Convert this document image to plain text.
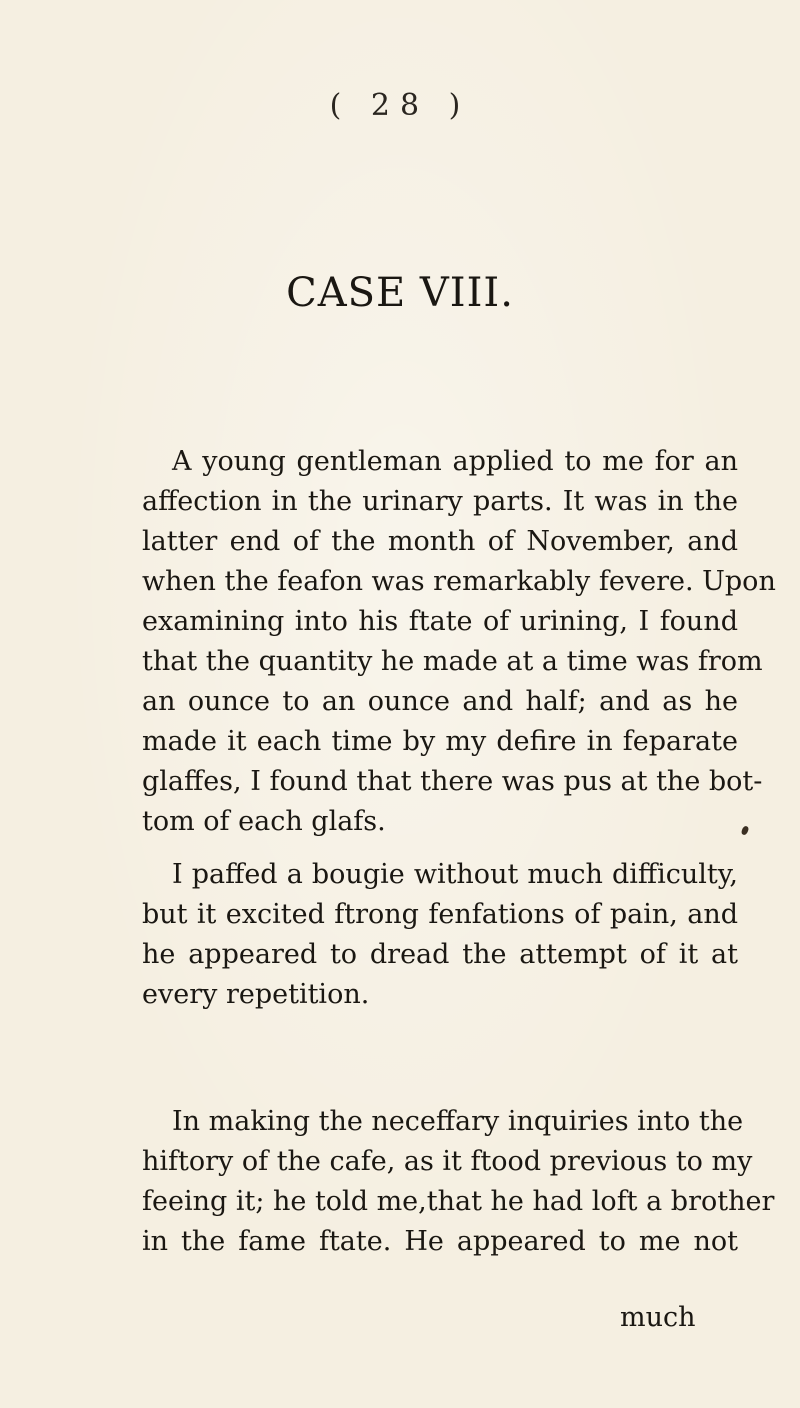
( 28 )
CASE VIII.
A young gentleman applied to me for an
affection in the urinary parts. It was in the
latter end of the month of November, and
when the feafon was remarkably fevere. Upon
examining into his ftate of urining, I found
that the quantity he made at a time was from
an ounce to an ounce and half; and as he
made it each time by my defire in feparate
glaffes, I found that there was pus at the bot-
tom of each glafs.
I paffed a bougie without much difficulty,
but it excited ftrong fenfations of pain, and
he appeared to dread the attempt of it at
every repetition.
In making the neceffary inquiries into the
hiftory of the cafe, as it ftood previous to my
feeing it; he told me,that he had loft a brother
in the fame ftate. He appeared to me not
much
